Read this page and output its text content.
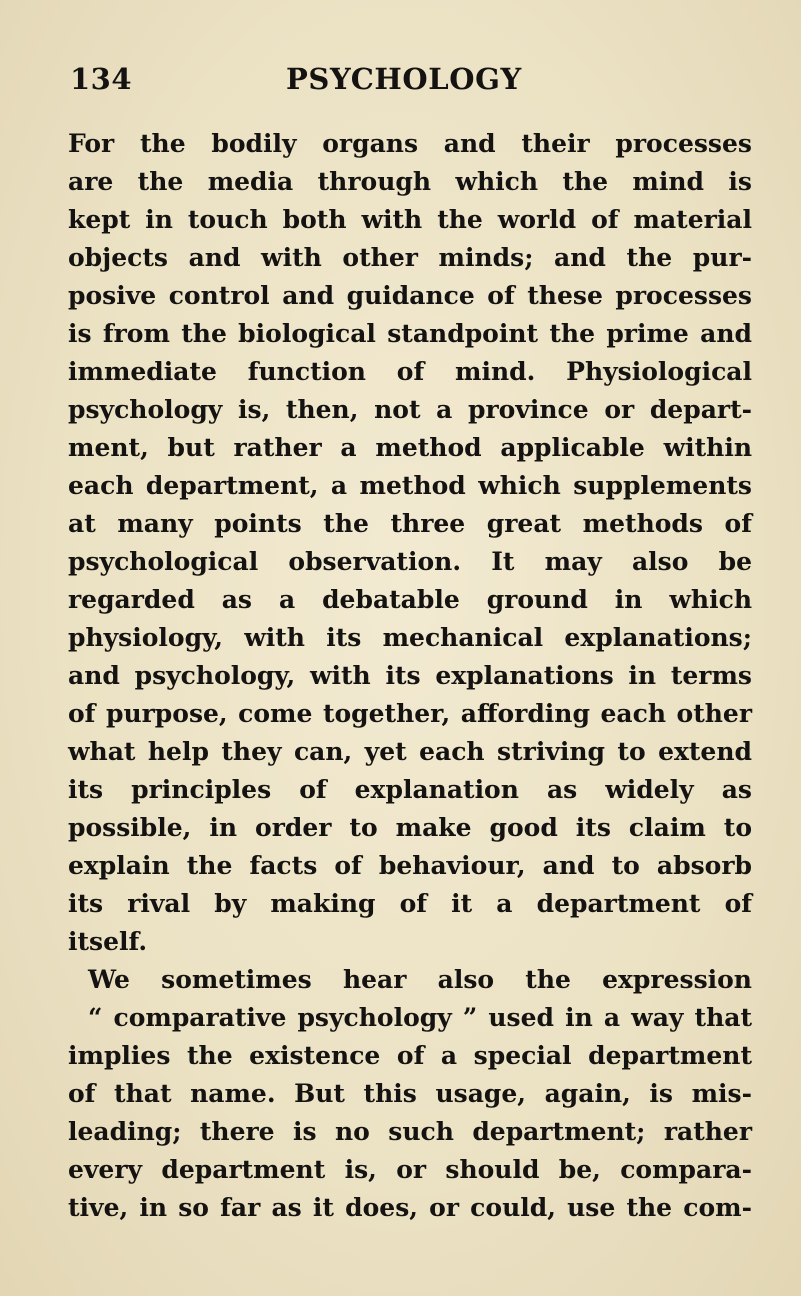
134	PSYCHOLOGY
For the bodily organs and their processes
are the media through which the mind is
kept in touch both with the world of material
objects and with other minds; and the pur-
posive control and guidance of these processes
is from the biological standpoint the prime and
immediate function of mind. Physiological
psychology is, then, not a province or depart-
ment, but rather a method applicable within
each department, a method which supplements
at many points the three great methods of
psychological observation. It may also be
regarded as a debatable ground in which
physiology, with its mechanical explanations;
and psychology, with its explanations in terms
of purpose, come together, affording each other
what help they can, yet each striving to extend
its principles of explanation as widely as
possible, in order to make good its claim to
explain the facts of behaviour, and to absorb
its rival by making of it a department of
itself.
We sometimes hear also the expression
“ comparative psychology ” used in a way that
implies the existence of a special department
of that name. But this usage, again, is mis-
leading; there is no such department; rather
every department is, or should be, compara-
tive, in so far as it does, or could, use the com-
